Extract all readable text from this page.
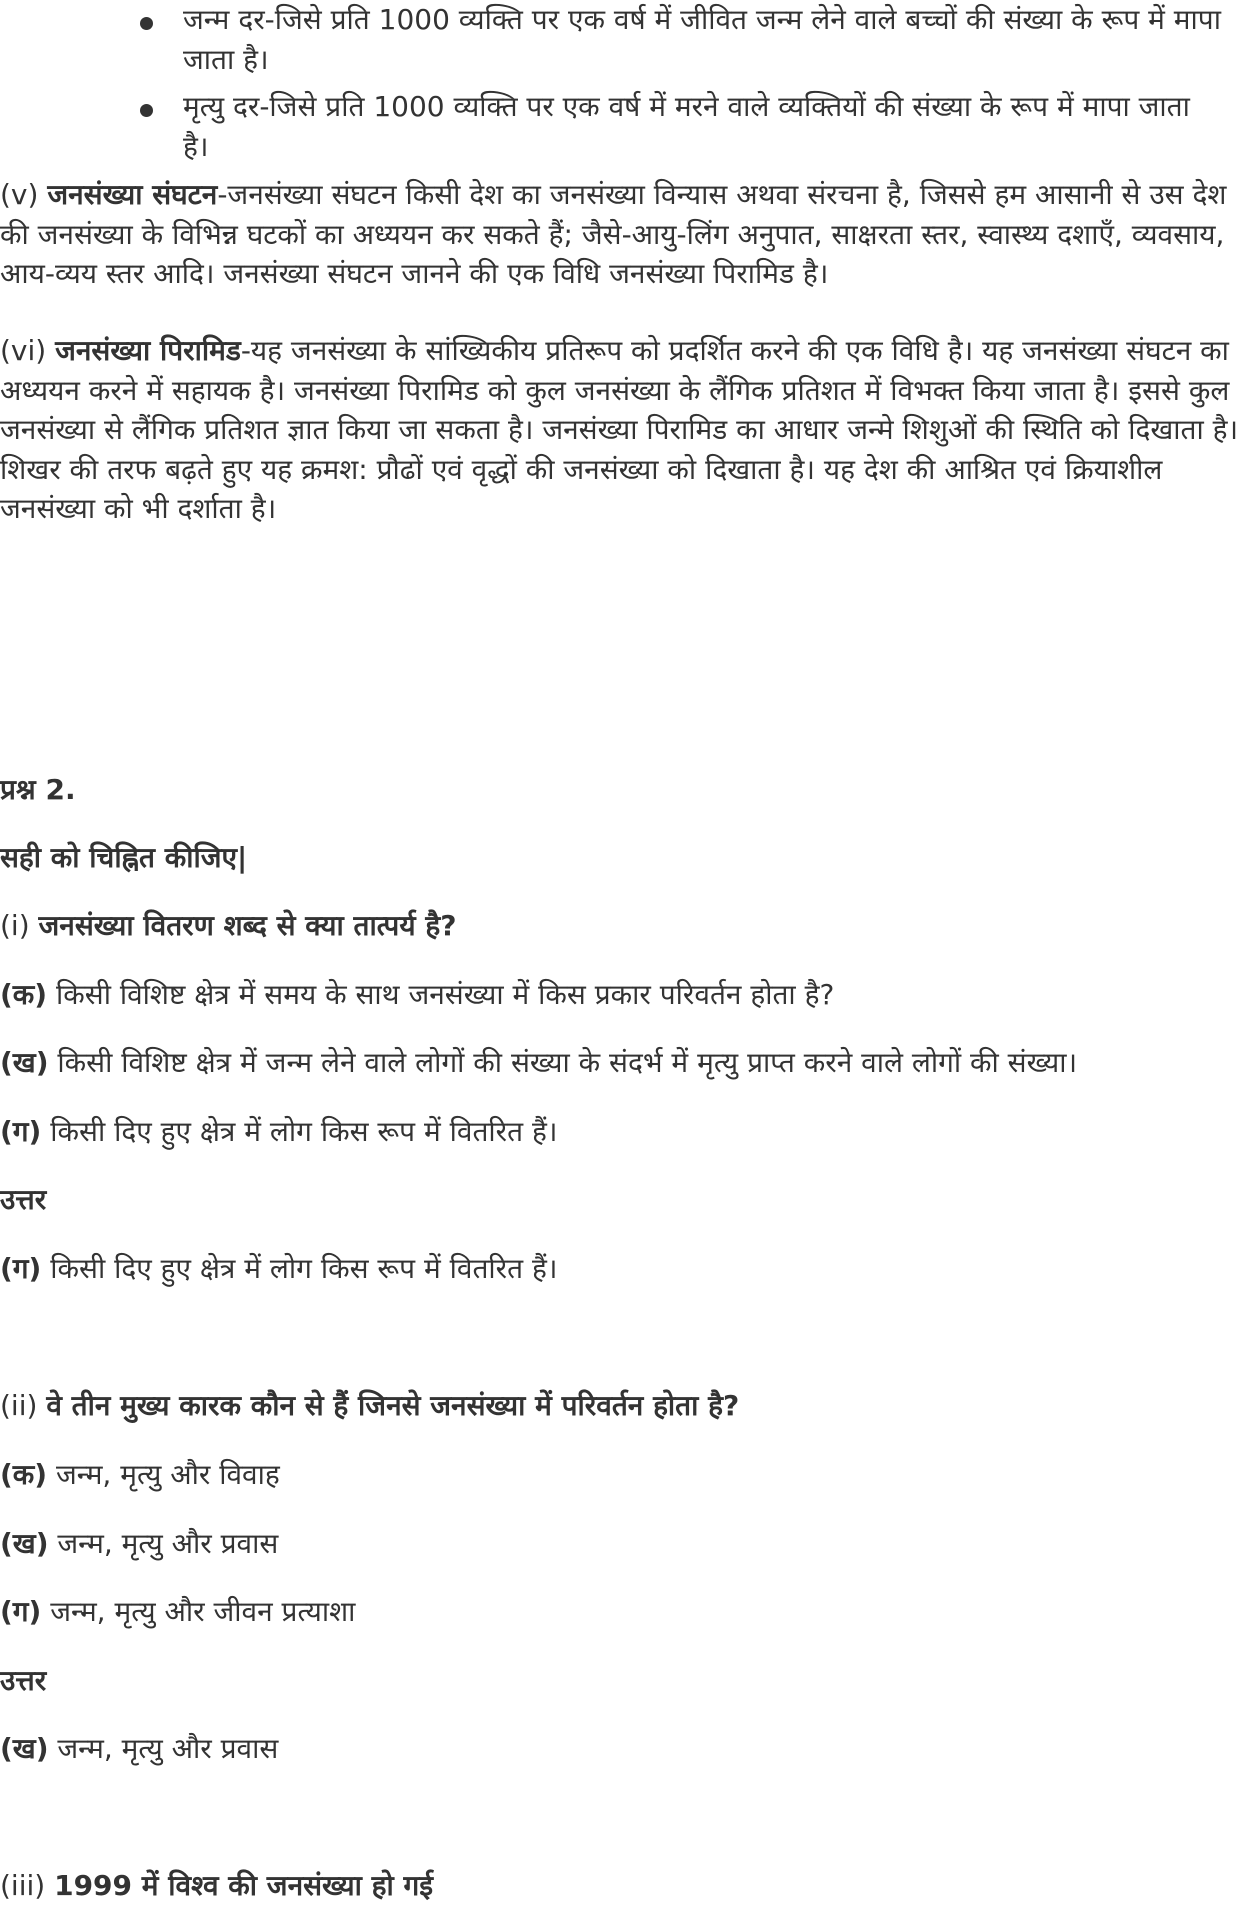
जन्म दर-जिसे प्रति 1000 व्यक्ति पर एक वर्ष में जीवित जन्म लेने वाले बच्चों की संख्या के रूप में मापा जाता है।
मृत्यु दर-जिसे प्रति 1000 व्यक्ति पर एक वर्ष में मरने वाले व्यक्तियों की संख्या के रूप में मापा जाता है।

(v) जनसंख्या संघटन-जनसंख्या संघटन किसी देश का जनसंख्या विन्यास अथवा संरचना है, जिससे हम आसानी से उस देश की जनसंख्या के विभिन्न घटकों का अध्ययन कर सकते हैं; जैसे-आयु-लिंग अनुपात, साक्षरता स्तर, स्वास्थ्य दशाएँ, व्यवसाय, आय-व्यय स्तर आदि। जनसंख्या संघटन जानने की एक विधि जनसंख्या पिरामिड है।

(vi) जनसंख्या पिरामिड-यह जनसंख्या के सांख्यिकीय प्रतिरूप को प्रदर्शित करने की एक विधि है। यह जनसंख्या संघटन का अध्ययन करने में सहायक है। जनसंख्या पिरामिड को कुल जनसंख्या के लैंगिक प्रतिशत में विभक्त किया जाता है। इससे कुल जनसंख्या से लैंगिक प्रतिशत ज्ञात किया जा सकता है। जनसंख्या पिरामिड का आधार जन्मे शिशुओं की स्थिति को दिखाता है। शिखर की तरफ बढ़ते हुए यह क्रमश: प्रौढों एवं वृद्धों की जनसंख्या को दिखाता है। यह देश की आश्रित एवं क्रियाशील जनसंख्या को भी दर्शाता है।

प्रश्न 2.

सही को चिह्नित कीजिए|

(i) जनसंख्या वितरण शब्द से क्या तात्पर्य है?

(क) किसी विशिष्ट क्षेत्र में समय के साथ जनसंख्या में किस प्रकार परिवर्तन होता है?

(ख) किसी विशिष्ट क्षेत्र में जन्म लेने वाले लोगों की संख्या के संदर्भ में मृत्यु प्राप्त करने वाले लोगों की संख्या।

(ग) किसी दिए हुए क्षेत्र में लोग किस रूप में वितरित हैं।

उत्तर

(ग) किसी दिए हुए क्षेत्र में लोग किस रूप में वितरित हैं।

(ii) वे तीन मुख्य कारक कौन से हैं जिनसे जनसंख्या में परिवर्तन होता है?

(क) जन्म, मृत्यु और विवाह

(ख) जन्म, मृत्यु और प्रवास

(ग) जन्म, मृत्यु और जीवन प्रत्याशा

उत्तर

(ख) जन्म, मृत्यु और प्रवास

(iii) 1999 में विश्व की जनसंख्या हो गई
